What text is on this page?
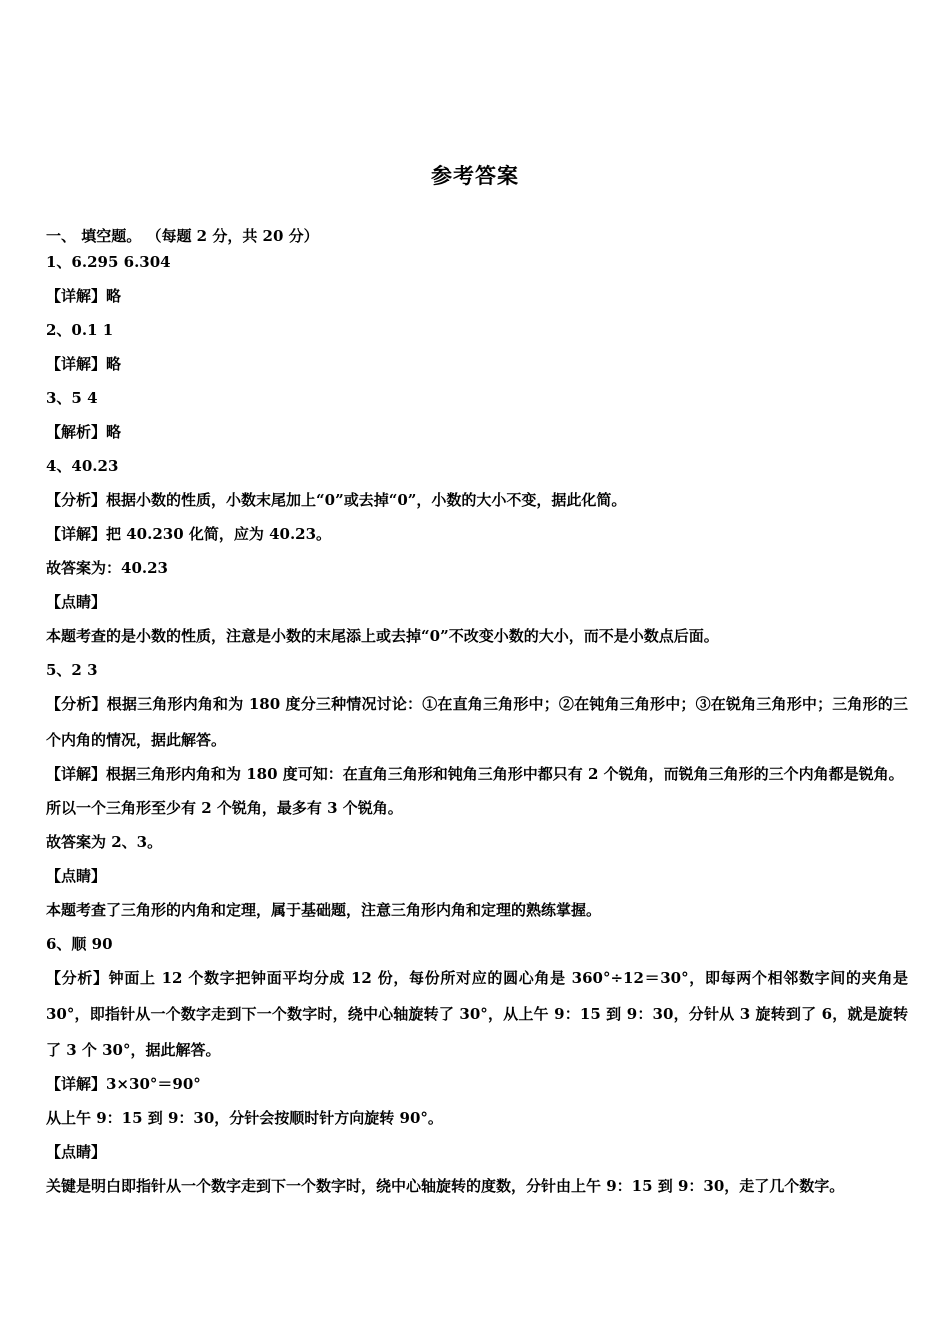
参考答案
一、 填空题。 （每题 2 分，共 20 分）
1、6.295 6.304
【详解】略
2、0.1 1
【详解】略
3、5 4
【解析】略
4、40.23
【分析】根据小数的性质，小数末尾加上“0”或去掉“0”，小数的大小不变，据此化简。
【详解】把 40.230 化简，应为 40.23。
故答案为：40.23
【点睛】
本题考查的是小数的性质，注意是小数的末尾添上或去掉“0”不改变小数的大小，而不是小数点后面。
5、2 3
【分析】根据三角形内角和为 180 度分三种情况讨论：①在直角三角形中；②在钝角三角形中；③在锐角三角形中；三角形的三个内角的情况，据此解答。
【详解】根据三角形内角和为 180 度可知：在直角三角形和钝角三角形中都只有 2 个锐角，而锐角三角形的三个内角都是锐角。
所以一个三角形至少有 2 个锐角，最多有 3 个锐角。
故答案为 2、3。
【点睛】
本题考查了三角形的内角和定理，属于基础题，注意三角形内角和定理的熟练掌握。
6、顺 90
【分析】钟面上 12 个数字把钟面平均分成 12 份，每份所对应的圆心角是 360°÷12＝30°，即每两个相邻数字间的夹角是30°，即指针从一个数字走到下一个数字时，绕中心轴旋转了 30°，从上午 9：15 到 9：30，分针从 3 旋转到了 6，就是旋转了 3 个 30°，据此解答。
【详解】3×30°＝90°
从上午 9：15 到 9：30，分针会按顺时针方向旋转 90°。
【点睛】
关键是明白即指针从一个数字走到下一个数字时，绕中心轴旋转的度数，分针由上午 9：15 到 9：30，走了几个数字。
